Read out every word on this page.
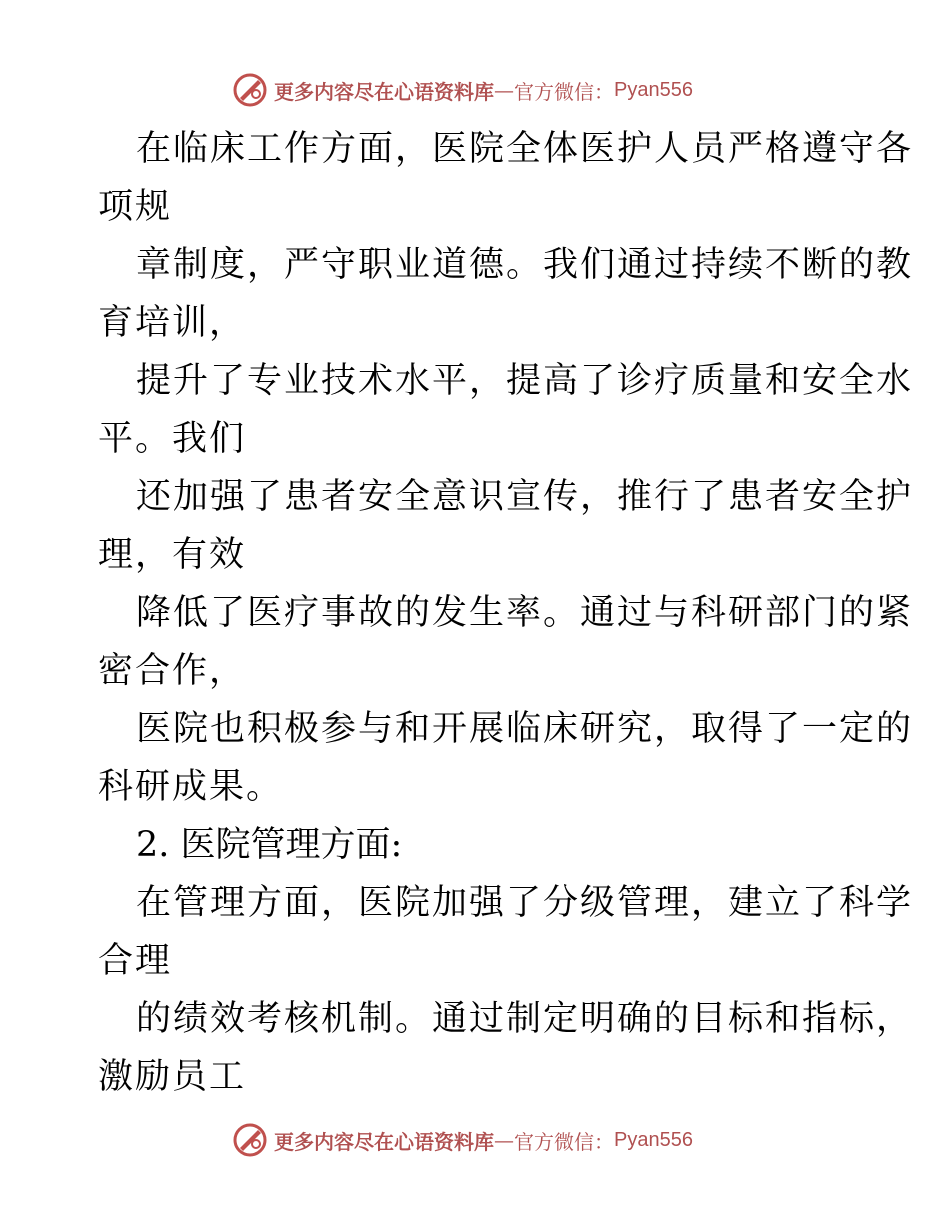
更多内容尽在心语资料库 — 官方微信： Pyan556

在临床工作方面，医院全体医护人员严格遵守各
项规

章制度，严守职业道德。我们通过持续不断的教
育培训，

提升了专业技术水平，提高了诊疗质量和安全水
平。我们

还加强了患者安全意识宣传，推行了患者安全护
理，有效

降低了医疗事故的发生率。通过与科研部门的紧
密合作，

医院也积极参与和开展临床研究，取得了一定的
科研成果。

2. 医院管理方面:

在管理方面，医院加强了分级管理，建立了科学
合理

的绩效考核机制。通过制定明确的目标和指标，
激励员工

更多内容尽在心语资料库 — 官方微信： Pyan556
